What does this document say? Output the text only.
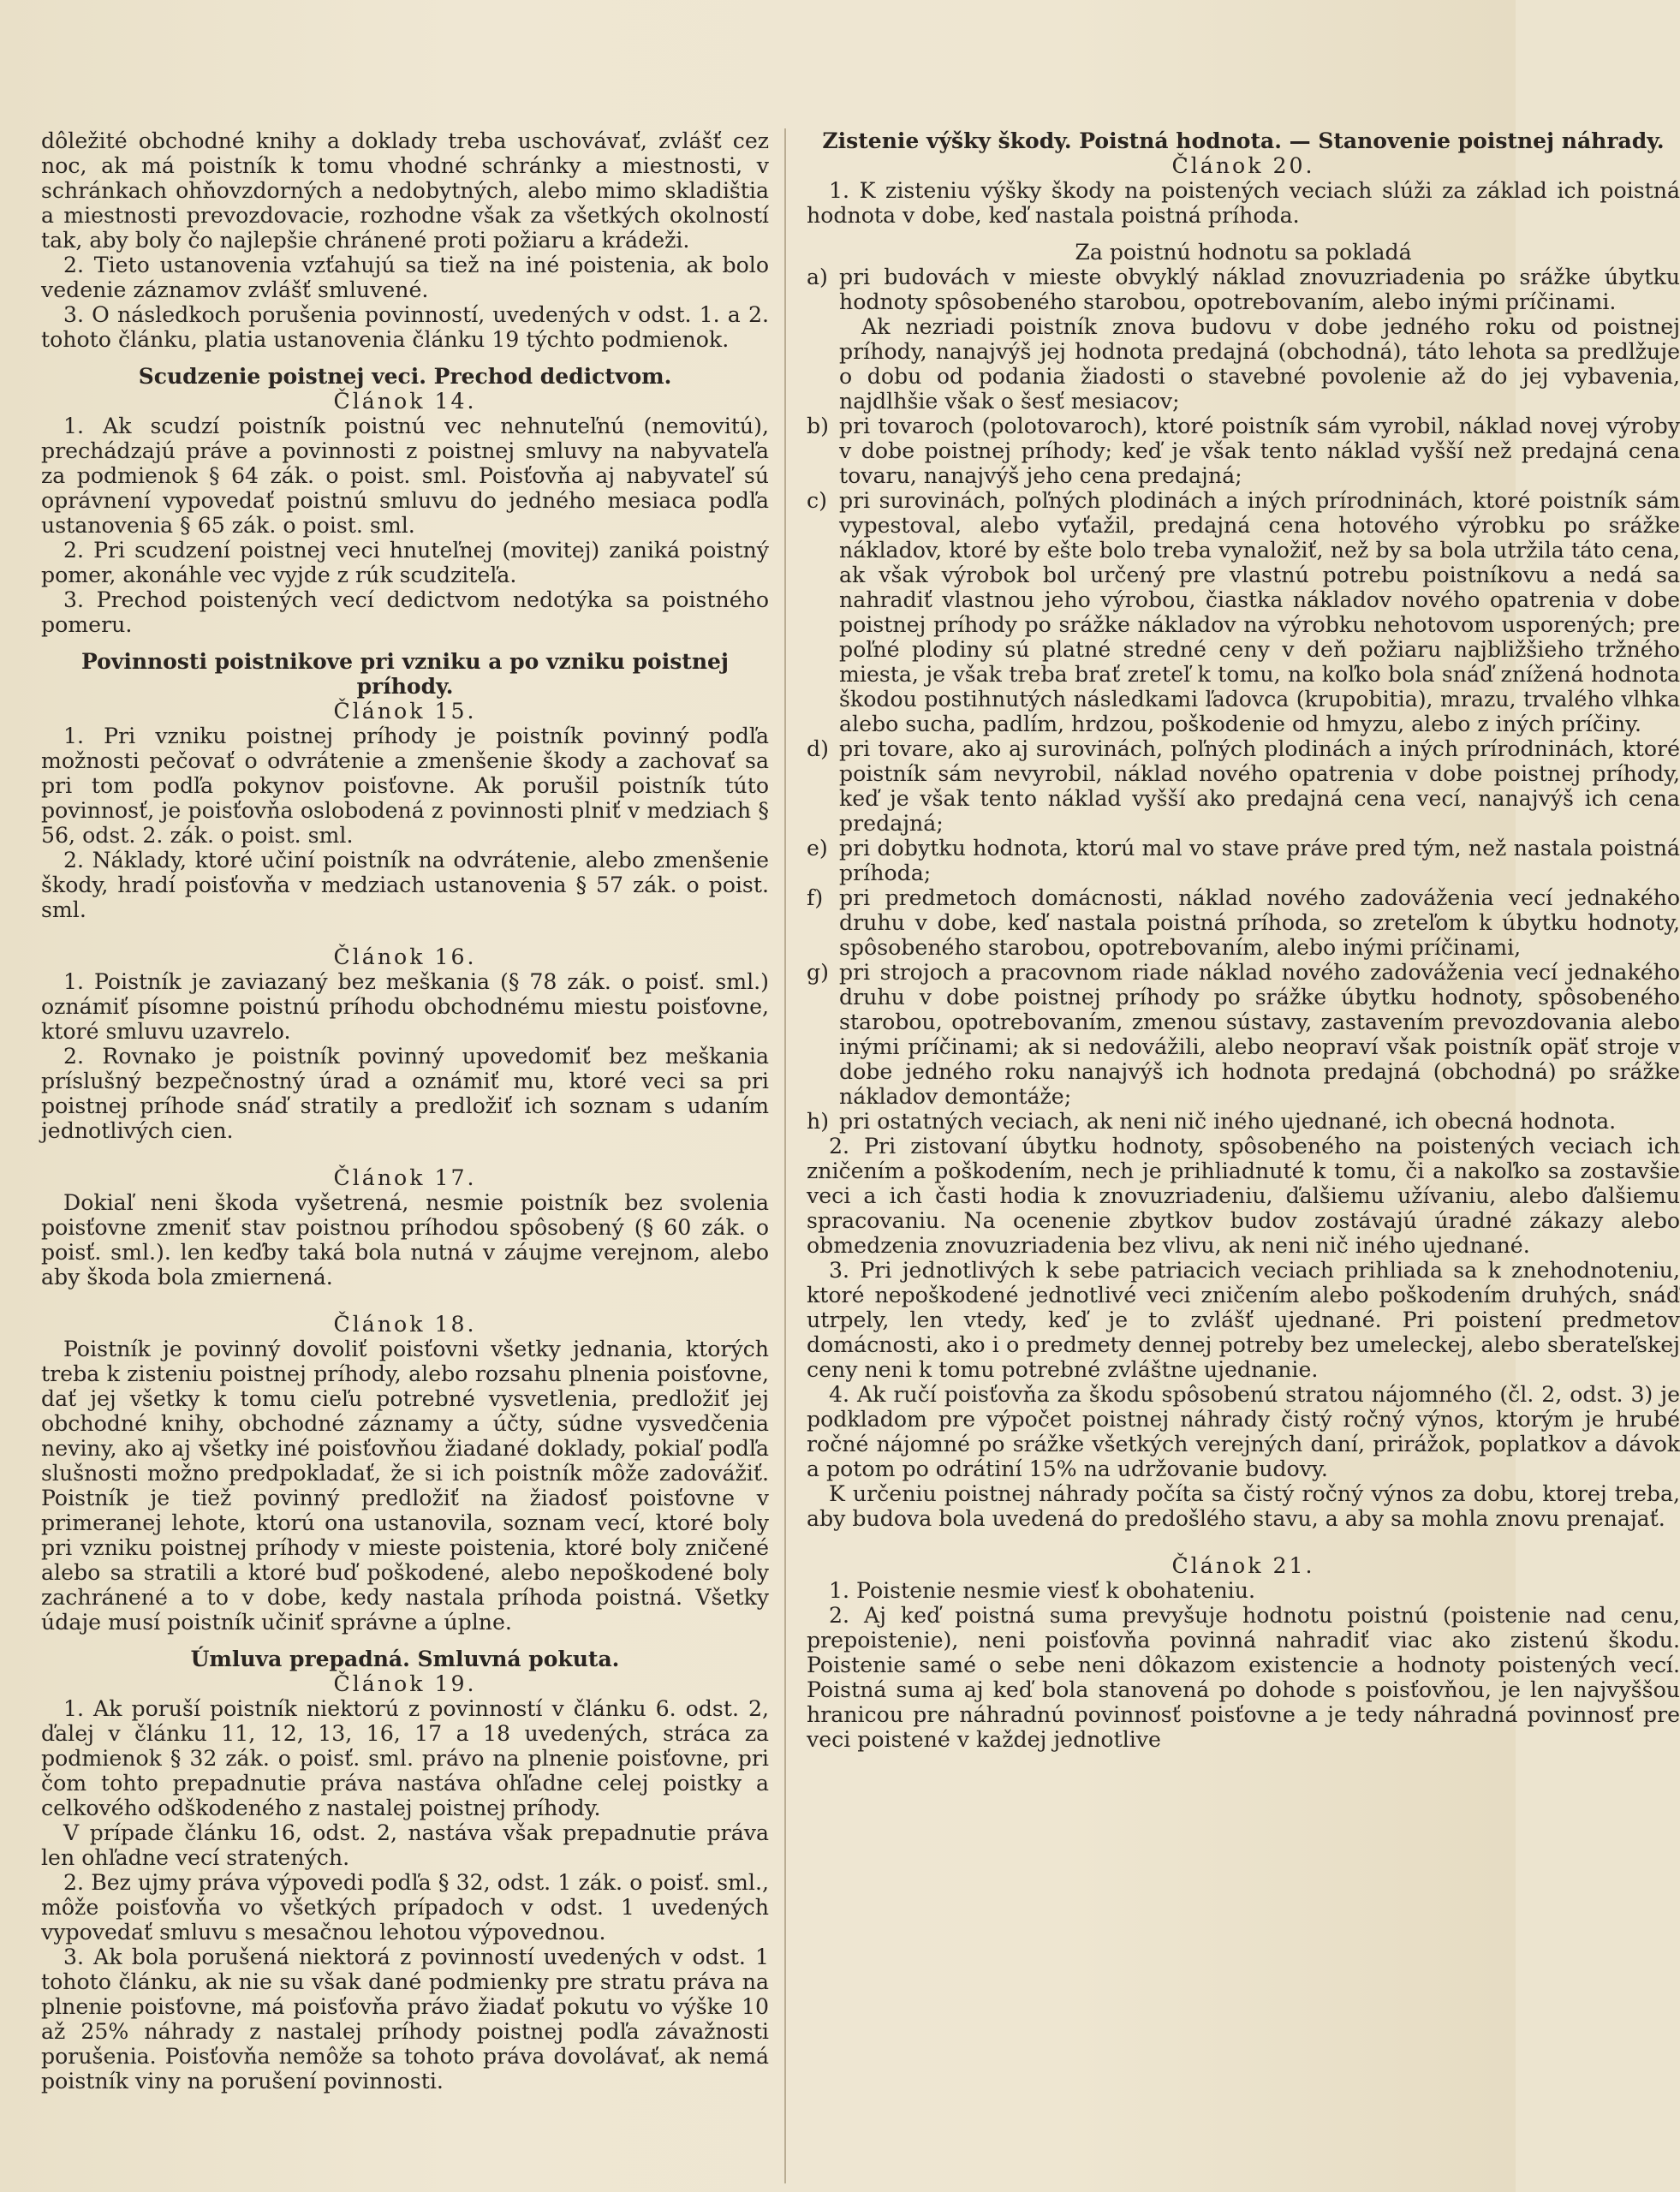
dôležité obchodné knihy a doklady treba uschovávať, zvlášť cez noc, ak má poistník k tomu vhodné schránky a miestnosti, v schránkach ohňovzdorných a nedobytných, alebo mimo skladištia a miestnosti prevozdovacie, rozhodne však za všetkých okolností tak, aby boly čo najlepšie chránené proti požiaru a krádeži.

2. Tieto ustanovenia vzťahujú sa tiež na iné poistenia, ak bolo vedenie záznamov zvlášť smluvené.

3. O následkoch porušenia povinností, uvedených v odst. 1. a 2. tohoto článku, platia ustanovenia článku 19 týchto podmienok.

Scudzenie poistnej veci. Prechod dedictvom.

Článok 14.

1. Ak scudzí poistník poistnú vec nehnuteľnú (nemovitú), prechádzajú práve a povinnosti z poistnej smluvy na nabyvateľa za podmienok § 64 zák. o poist. sml. Poisťovňa aj nabyvateľ sú oprávnení vypovedať poistnú smluvu do jedného mesiaca podľa ustanovenia § 65 zák. o poist. sml.

2. Pri scudzení poistnej veci hnuteľnej (movitej) zaniká poistný pomer, akonáhle vec vyjde z rúk scudziteľa.

3. Prechod poistených vecí dedictvom nedotýka sa poistného pomeru.

Povinnosti poistnikove pri vzniku a po vzniku poistnej príhody.

Článok 15.

1. Pri vzniku poistnej príhody je poistník povinný podľa možnosti pečovať o odvrátenie a zmenšenie škody a zachovať sa pri tom podľa pokynov poisťovne. Ak porušil poistník túto povinnosť, je poisťovňa oslobodená z povinnosti plniť v medziach § 56, odst. 2. zák. o poist. sml.

2. Náklady, ktoré učiní poistník na odvrátenie, alebo zmenšenie škody, hradí poisťovňa v medziach ustanovenia § 57 zák. o poist. sml.

Článok 16.

1. Poistník je zaviazaný bez meškania (§ 78 zák. o poisť. sml.) oznámiť písomne poistnú príhodu obchodnému miestu poisťovne, ktoré smluvu uzavrelo.

2. Rovnako je poistník povinný upovedomiť bez meškania príslušný bezpečnostný úrad a oznámiť mu, ktoré veci sa pri poistnej príhode snáď stratily a predložiť ich soznam s udaním jednotlivých cien.

Článok 17.

Dokiaľ neni škoda vyšetrená, nesmie poistník bez svolenia poisťovne zmeniť stav poistnou príhodou spôsobený (§ 60 zák. o poisť. sml.). len keďby taká bola nutná v záujme verejnom, alebo aby škoda bola zmiernená.

Článok 18.

Poistník je povinný dovoliť poisťovni všetky jednania, ktorých treba k zisteniu poistnej príhody, alebo rozsahu plnenia poisťovne, dať jej všetky k tomu cieľu potrebné vysvetlenia, predložiť jej obchodné knihy, obchodné záznamy a účty, súdne vysvedčenia neviny, ako aj všetky iné poisťovňou žiadané doklady, pokiaľ podľa slušnosti možno predpokladať, že si ich poistník môže zadovážiť. Poistník je tiež povinný predložiť na žiadosť poisťovne v primeranej lehote, ktorú ona ustanovila, soznam vecí, ktoré boly pri vzniku poistnej príhody v mieste poistenia, ktoré boly zničené alebo sa stratili a ktoré buď poškodené, alebo nepoškodené boly zachránené a to v dobe, kedy nastala príhoda poistná. Všetky údaje musí poistník učiniť správne a úplne.

Úmluva prepadná. Smluvná pokuta.

Článok 19.

1. Ak poruší poistník niektorú z povinností v článku 6. odst. 2, ďalej v článku 11, 12, 13, 16, 17 a 18 uvedených, stráca za podmienok § 32 zák. o poisť. sml. právo na plnenie poisťovne, pri čom tohto prepadnutie práva nastáva ohľadne celej poistky a celkového odškodeného z nastalej poistnej príhody.

V prípade článku 16, odst. 2, nastáva však prepadnutie práva len ohľadne vecí stratených.

2. Bez ujmy práva výpovedi podľa § 32, odst. 1 zák. o poisť. sml., môže poisťovňa vo všetkých prípadoch v odst. 1 uvedených vypovedať smluvu s mesačnou lehotou výpovednou.

3. Ak bola porušená niektorá z povinností uvedených v odst. 1 tohoto článku, ak nie su však dané podmienky pre stratu práva na plnenie poisťovne, má poisťovňa právo žiadať pokutu vo výške 10 až 25% náhrady z nastalej príhody poistnej podľa závažnosti porušenia. Poisťovňa nemôže sa tohoto práva dovolávať, ak nemá poistník viny na porušení povinnosti.

Zistenie výšky škody. Poistná hodnota. — Stanovenie poistnej náhrady.

Článok 20.

1. K zisteniu výšky škody na poistených veciach slúži za základ ich poistná hodnota v dobe, keď nastala poistná príhoda.

Za poistnú hodnotu sa pokladá

a) pri budovách v mieste obvyklý náklad znovuzriadenia po srážke úbytku hodnoty spôsobeného starobou, opotrebovaním, alebo inými príčinami.
Ak nezriadi poistník znova budovu v dobe jedného roku od poistnej príhody, nanajvýš jej hodnota predajná (obchodná), táto lehota sa predlžuje o dobu od podania žiadosti o stavebné povolenie až do jej vybavenia, najdlhšie však o šesť mesiacov;
b) pri tovaroch (polotovaroch), ktoré poistník sám vyrobil, náklad novej výroby v dobe poistnej príhody; keď je však tento náklad vyšší než predajná cena tovaru, nanajvýš jeho cena predajná;
c) pri surovinách, poľných plodinách a iných prírodninách, ktoré poistník sám vypestoval, alebo vyťažil, predajná cena hotového výrobku po srážke nákladov, ktoré by ešte bolo treba vynaložiť, než by sa bola utržila táto cena, ak však výrobok bol určený pre vlastnú potrebu poistníkovu a nedá sa nahradiť vlastnou jeho výrobou, čiastka nákladov nového opatrenia v dobe poistnej príhody po srážke nákladov na výrobku nehotovom usporených; pre poľné plodiny sú platné stredné ceny v deň požiaru najbližšieho tržného miesta, je však treba brať zreteľ k tomu, na koľko bola snáď znížená hodnota škodou postihnutých následkami ľadovca (krupobitia), mrazu, trvalého vlhka alebo sucha, padlím, hrdzou, poškodenie od hmyzu, alebo z iných príčiny.
d) pri tovare, ako aj surovinách, poľných plodinách a iných prírodninách, ktoré poistník sám nevyrobil, náklad nového opatrenia v dobe poistnej príhody, keď je však tento náklad vyšší ako predajná cena vecí, nanajvýš ich cena predajná;
e) pri dobytku hodnota, ktorú mal vo stave práve pred tým, než nastala poistná príhoda;
f) pri predmetoch domácnosti, náklad nového zadováženia vecí jednakého druhu v dobe, keď nastala poistná príhoda, so zreteľom k úbytku hodnoty, spôsobeného starobou, opotrebovaním, alebo inými príčinami,
g) pri strojoch a pracovnom riade náklad nového zadováženia vecí jednakého druhu v dobe poistnej príhody po srážke úbytku hodnoty, spôsobeného starobou, opotrebovaním, zmenou sústavy, zastavením prevozdovania alebo inými príčinami; ak si nedovážili, alebo neopraví však poistník opäť stroje v dobe jedného roku nanajvýš ich hodnota predajná (obchodná) po srážke nákladov demontáže;
h) pri ostatných veciach, ak neni nič iného ujednané, ich obecná hodnota.

2. Pri zistovaní úbytku hodnoty, spôsobeného na poistených veciach ich zničením a poškodením, nech je prihliadnuté k tomu, či a nakoľko sa zostavšie veci a ich časti hodia k znovuzriadeniu, ďalšiemu užívaniu, alebo ďalšiemu spracovaniu. Na ocenenie zbytkov budov zostávajú úradné zákazy alebo obmedzenia znovuzriadenia bez vlivu, ak neni nič iného ujednané.

3. Pri jednotlivých k sebe patriacich veciach prihliada sa k znehodnoteniu, ktoré nepoškodené jednotlivé veci zničením alebo poškodením druhých, snáď utrpely, len vtedy, keď je to zvlášť ujednané. Pri poistení predmetov domácnosti, ako i o predmety dennej potreby bez umeleckej, alebo sberateľskej ceny neni k tomu potrebné zvláštne ujednanie.

4. Ak ručí poisťovňa za škodu spôsobenú stratou nájomného (čl. 2, odst. 3) je podkladom pre výpočet poistnej náhrady čistý ročný výnos, ktorým je hrubé ročné nájomné po srážke všetkých verejných daní, prirážok, poplatkov a dávok a potom po odrátiní 15% na udržovanie budovy.

K určeniu poistnej náhrady počíta sa čistý ročný výnos za dobu, ktorej treba, aby budova bola uvedená do predošlého stavu, a aby sa mohla znovu prenajať.

Článok 21.

1. Poistenie nesmie viesť k obohateniu.

2. Aj keď poistná suma prevyšuje hodnotu poistnú (poistenie nad cenu, prepoistenie), neni poisťovňa povinná nahradiť viac ako zistenú škodu. Poistenie samé o sebe neni dôkazom existencie a hodnoty poistených vecí. Poistná suma aj keď bola stanovená po dohode s poisťovňou, je len najvyššou hranicou pre náhradnú povinnosť poisťovne a je tedy náhradná povinnosť pre veci poistené v každej jednotlive
